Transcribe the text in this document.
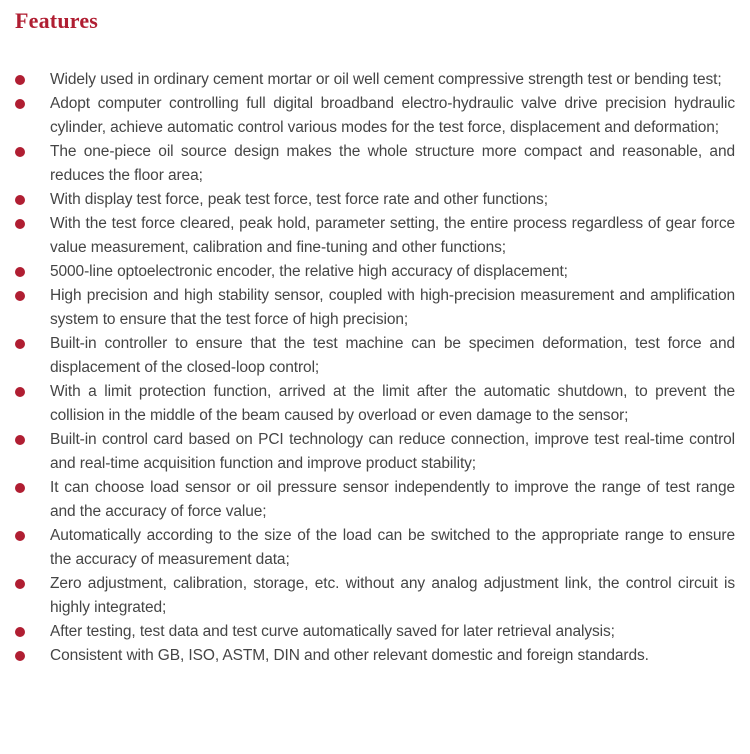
Features
Widely used in ordinary cement mortar or oil well cement compressive strength test or bending test;
Adopt computer controlling full digital broadband electro-hydraulic valve drive precision hydraulic cylinder, achieve automatic control various modes for the test force, displacement and deformation;
The one-piece oil source design makes the whole structure more compact and reasonable, and reduces the floor area;
With display test force, peak test force, test force rate and other functions;
With the test force cleared, peak hold, parameter setting, the entire process regardless of gear force value measurement, calibration and fine-tuning and other functions;
5000-line optoelectronic encoder, the relative high accuracy of displacement;
High precision and high stability sensor, coupled with high-precision measurement and amplification system to ensure that the test force of high precision;
Built-in controller to ensure that the test machine can be specimen deformation, test force and displacement of the closed-loop control;
With a limit protection function, arrived at the limit after the automatic shutdown, to prevent the collision in the middle of the beam caused by overload or even damage to the sensor;
Built-in control card based on PCI technology can reduce connection, improve test real-time control and real-time acquisition function and improve product stability;
It can choose load sensor or oil pressure sensor independently to improve the range of test range and the accuracy of force value;
Automatically according to the size of the load can be switched to the appropriate range to ensure the accuracy of measurement data;
Zero adjustment, calibration, storage, etc. without any analog adjustment link, the control circuit is highly integrated;
After testing, test data and test curve automatically saved for later retrieval analysis;
Consistent with GB, ISO, ASTM, DIN and other relevant domestic and foreign standards.
